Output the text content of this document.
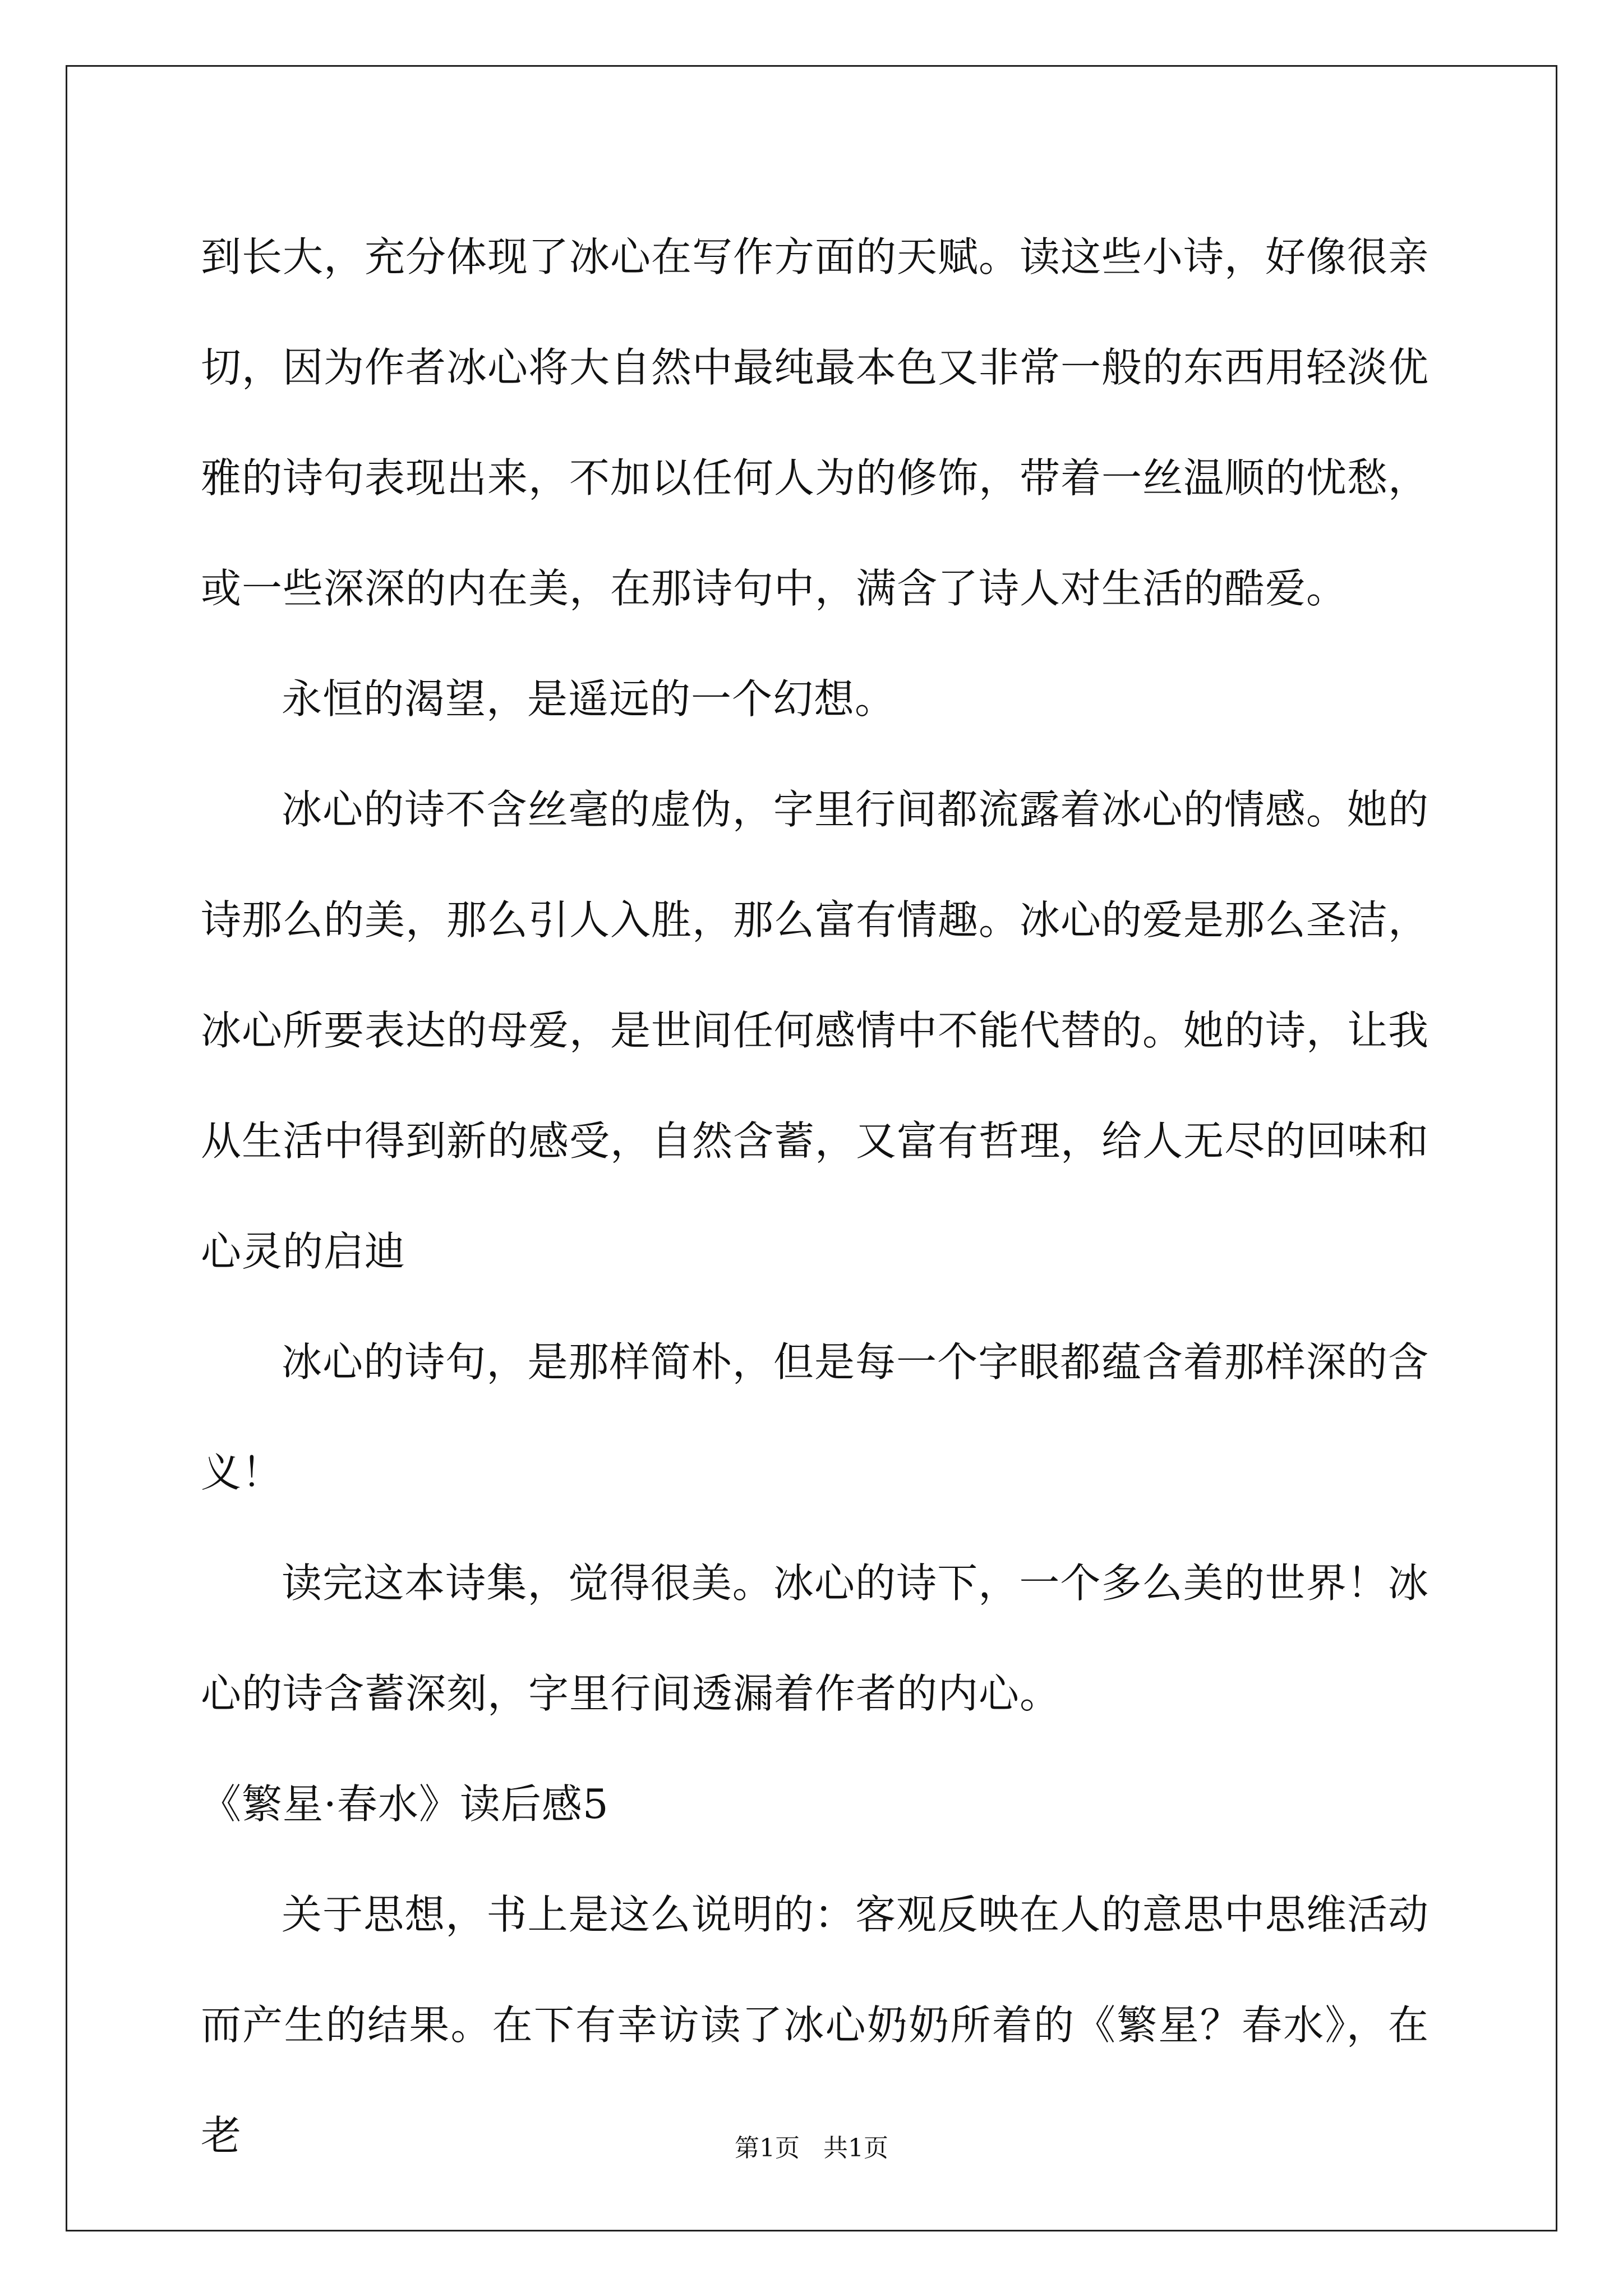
到长大，充分体现了冰心在写作方面的天赋。读这些小诗，好像很亲切，因为作者冰心将大自然中最纯最本色又非常一般的东西用轻淡优雅的诗句表现出来，不加以任何人为的修饰，带着一丝温顺的忧愁，或一些深深的内在美，在那诗句中，满含了诗人对生活的酷爱。

永恒的渴望，是遥远的一个幻想。

冰心的诗不含丝毫的虚伪，字里行间都流露着冰心的情感。她的诗那么的美，那么引人入胜，那么富有情趣。冰心的爱是那么圣洁，冰心所要表达的母爱，是世间任何感情中不能代替的。她的诗，让我从生活中得到新的感受，自然含蓄，又富有哲理，给人无尽的回味和心灵的启迪

冰心的诗句，是那样简朴，但是每一个字眼都蕴含着那样深的含义！

读完这本诗集，觉得很美。冰心的诗下，一个多么美的世界！冰心的诗含蓄深刻，字里行间透漏着作者的内心。

《繁星·春水》读后感5

关于思想，书上是这么说明的：客观反映在人的意思中思维活动而产生的结果。在下有幸访读了冰心奶奶所着的《繁星？春水》，在老	第1页 共1页
